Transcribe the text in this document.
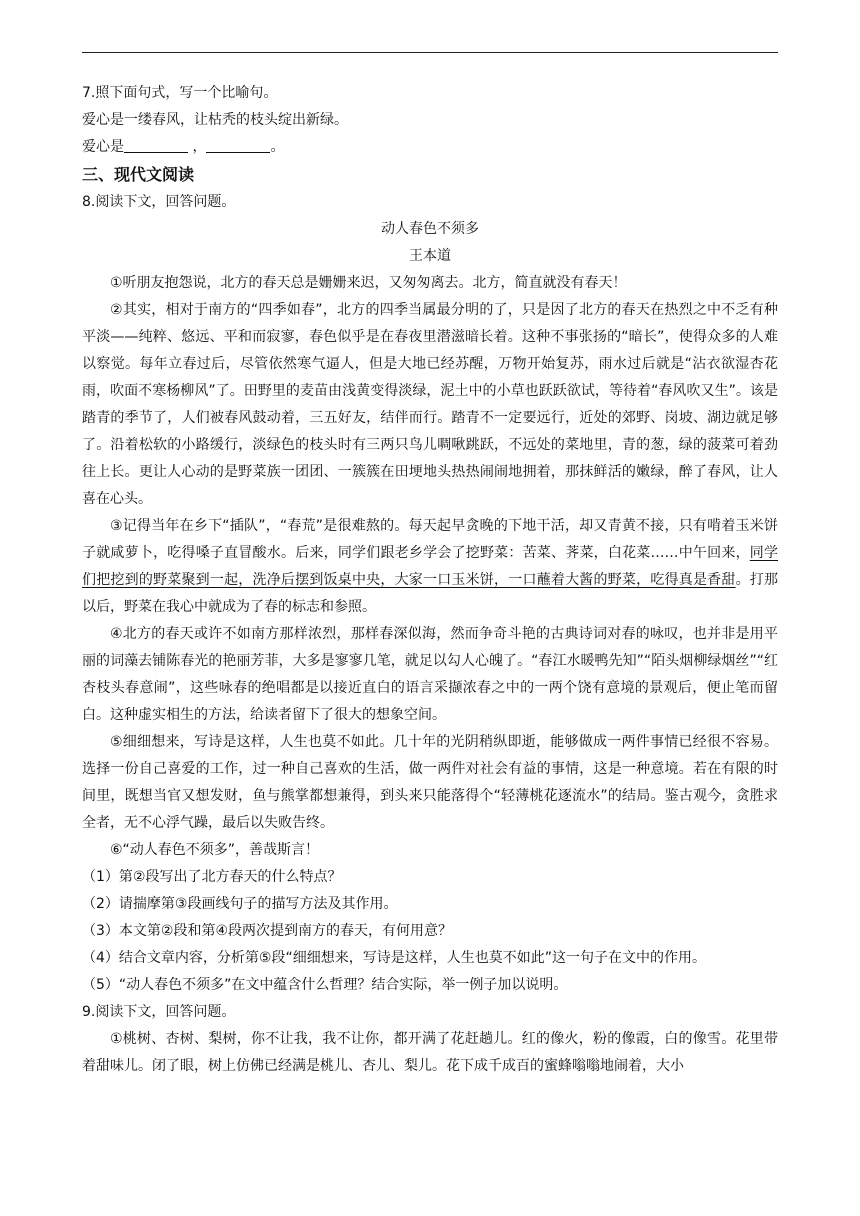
7.照下面句式，写一个比喻句。
爱心是一缕春风，让枯秃的枝头绽出新绿。
爱心是	，	。
三、现代文阅读
8.阅读下文，回答问题。
动人春色不须多
王本道
①听朋友抱怨说，北方的春天总是姗姗来迟，又匆匆离去。北方，简直就没有春天！
②其实，相对于南方的“四季如春”，北方的四季当属最分明的了，只是因了北方的春天在热烈之中不乏有种平淡——纯粹、悠远、平和而寂寥，春色似乎是在春夜里潜滋暗长着。这种不事张扬的“暗长”，使得众多的人难以察觉。每年立春过后，尽管依然寒气逼人，但是大地已经苏醒，万物开始复苏，雨水过后就是“沾衣欲湿杏花雨，吹面不寒杨柳风”了。田野里的麦苗由浅黄变得淡绿，泥土中的小草也跃跃欲试，等待着“春风吹又生”。该是踏青的季节了，人们被春风鼓动着，三五好友，结伴而行。踏青不一定要远行，近处的郊野、岗坡、湖边就足够了。沿着松软的小路缓行，淡绿色的枝头时有三两只鸟儿啁啾跳跃，不远处的菜地里，青的葱，绿的菠菜可着劲往上长。更让人心动的是野菜族一团团、一簇簇在田埂地头热热闹闹地拥着，那抹鲜活的嫩绿，醉了春风，让人喜在心头。
③记得当年在乡下“插队”，“春荒”是很难熬的。每天起早贪晚的下地干活，却又青黄不接，只有啃着玉米饼子就咸萝卜，吃得嗓子直冒酸水。后来，同学们跟老乡学会了挖野菜：苦菜、荠菜，白花菜……中午回来，同学们把挖到的野菜聚到一起，洗净后摆到饭桌中央，大家一口玉米饼，一口蘸着大酱的野菜，吃得真是香甜。打那以后，野菜在我心中就成为了春的标志和参照。
④北方的春天或许不如南方那样浓烈，那样春深似海，然而争奇斗艳的古典诗词对春的咏叹，也并非是用平丽的词藻去铺陈春光的艳丽芳菲，大多是寥寥几笔，就足以勾人心魄了。“春江水暖鸭先知”“陌头烟柳绿烟丝”“红杏枝头春意闹”，这些咏春的绝唱都是以接近直白的语言采撷浓春之中的一两个饶有意境的景观后，便止笔而留白。这种虚实相生的方法，给读者留下了很大的想象空间。
⑤细细想来，写诗是这样，人生也莫不如此。几十年的光阴稍纵即逝，能够做成一两件事情已经很不容易。选择一份自己喜爱的工作，过一种自己喜欢的生活，做一两件对社会有益的事情，这是一种意境。若在有限的时间里，既想当官又想发财，鱼与熊掌都想兼得，到头来只能落得个“轻薄桃花逐流水”的结局。鉴古观今，贪胜求全者，无不心浮气躁，最后以失败告终。
⑥“动人春色不须多”，善哉斯言！
（1）第②段写出了北方春天的什么特点？
（2）请揣摩第③段画线句子的描写方法及其作用。
（3）本文第②段和第④段两次提到南方的春天，有何用意？
（4）结合文章内容，分析第⑤段“细细想来，写诗是这样，人生也莫不如此”这一句子在文中的作用。
（5）“动人春色不须多”在文中蕴含什么哲理？结合实际，举一例子加以说明。
9.阅读下文，回答问题。
①桃树、杏树、梨树，你不让我，我不让你，都开满了花赶趟儿。红的像火，粉的像霞，白的像雪。花里带着甜味儿。闭了眼，树上仿佛已经满是桃儿、杏儿、梨儿。花下成千成百的蜜蜂嗡嗡地闹着，大小
